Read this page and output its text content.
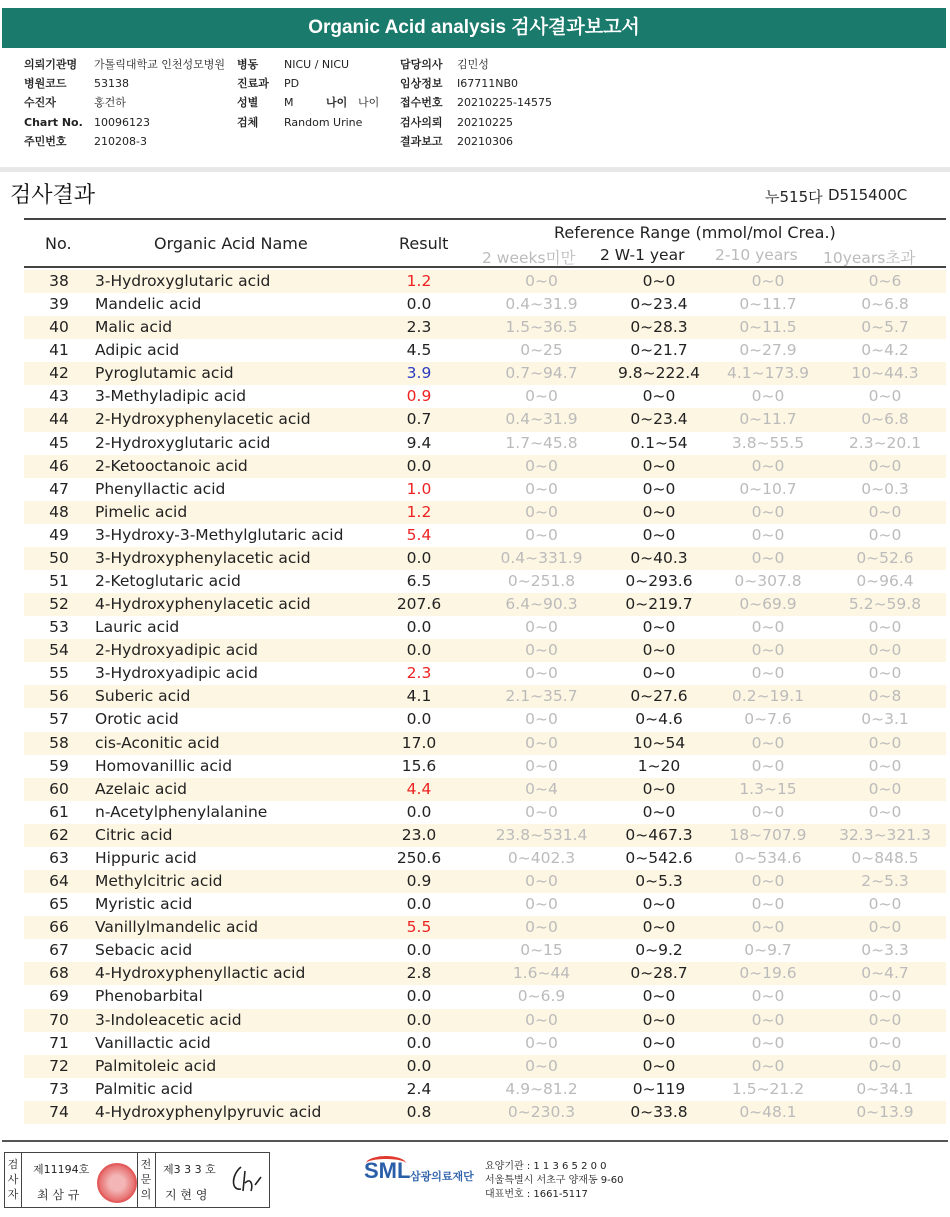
Organic Acid analysis 검사결과보고서
의뢰기관명 가톨릭대학교 인천성모병원
병원코드 53138
수진자	홍건하
Chart No. 10096123
주민번호 210208-3
병동 NICU / NICU
진료과 PD
성별 M	나이 나이
검체 Random Urine
담당의사 김민성
임상정보 I67711NB0
접수번호 20210225-14575
검사의뢰 20210225
결과보고 20210306
검사결과	누515다 D515400C
No.	Organic Acid Name	Result
Reference Range (mmol/mol Crea.)
2 weeks미만 2 W-1 year 2-10 years 10years초과
38	3-Hydroxyglutaric acid	1.2	0~0	0~0	0~0	0~6
39	Mandelic acid	0.0	0.4~31.9	0~23.4	0~11.7	0~6.8
40	Malic acid	2.3	1.5~36.5	0~28.3	0~11.5	0~5.7
41	Adipic acid	4.5	0~25	0~21.7	0~27.9	0~4.2
42	Pyroglutamic acid	3.9	0.7~94.7	9.8~222.4	4.1~173.9	10~44.3
43	3-Methyladipic acid	0.9	0~0	0~0	0~0	0~0
44	2-Hydroxyphenylacetic acid	0.7	0.4~31.9	0~23.4	0~11.7	0~6.8
45	2-Hydroxyglutaric acid	9.4	1.7~45.8	0.1~54	3.8~55.5	2.3~20.1
46	2-Ketooctanoic acid	0.0	0~0	0~0	0~0	0~0
47	Phenyllactic acid	1.0	0~0	0~0	0~10.7	0~0.3
48	Pimelic acid	1.2	0~0	0~0	0~0	0~0
49	3-Hydroxy-3-Methylglutaric acid	5.4	0~0	0~0	0~0	0~0
50	3-Hydroxyphenylacetic acid	0.0	0.4~331.9	0~40.3	0~0	0~52.6
51	2-Ketoglutaric acid	6.5	0~251.8	0~293.6	0~307.8	0~96.4
52	4-Hydroxyphenylacetic acid	207.6	6.4~90.3	0~219.7	0~69.9	5.2~59.8
53	Lauric acid	0.0	0~0	0~0	0~0	0~0
54	2-Hydroxyadipic acid	0.0	0~0	0~0	0~0	0~0
55	3-Hydroxyadipic acid	2.3	0~0	0~0	0~0	0~0
56	Suberic acid	4.1	2.1~35.7	0~27.6	0.2~19.1	0~8
57	Orotic acid	0.0	0~0	0~4.6	0~7.6	0~3.1
58	cis-Aconitic acid	17.0	0~0	10~54	0~0	0~0
59	Homovanillic acid	15.6	0~0	1~20	0~0	0~0
60	Azelaic acid	4.4	0~4	0~0	1.3~15	0~0
61	n-Acetylphenylalanine	0.0	0~0	0~0	0~0	0~0
62	Citric acid	23.0	23.8~531.4	0~467.3	18~707.9	32.3~321.3
63	Hippuric acid	250.6	0~402.3	0~542.6	0~534.6	0~848.5
64	Methylcitric acid	0.9	0~0	0~5.3	0~0	2~5.3
65	Myristic acid	0.0	0~0	0~0	0~0	0~0
66	Vanillylmandelic acid	5.5	0~0	0~0	0~0	0~0
67	Sebacic acid	0.0	0~15	0~9.2	0~9.7	0~3.3
68	4-Hydroxyphenyllactic acid	2.8	1.6~44	0~28.7	0~19.6	0~4.7
69	Phenobarbital	0.0	0~6.9	0~0	0~0	0~0
70	3-Indoleacetic acid	0.0	0~0	0~0	0~0	0~0
71	Vanillactic acid	0.0	0~0	0~0	0~0	0~0
72	Palmitoleic acid	0.0	0~0	0~0	0~0	0~0
73	Palmitic acid	2.4	4.9~81.2	0~119	1.5~21.2	0~34.1
74	4-Hydroxyphenylpyruvic acid	0.8	0~230.3	0~33.8	0~48.1	0~13.9
검사자
제11194호
최 삼 규
전문의
제3 3 3 호
지 현 영
SML 삼광의료재단
요양기관 : 1 1 3 6 5 2 0 0
서울특별시 서초구 양재동 9-60
대표번호 : 1661-5117
